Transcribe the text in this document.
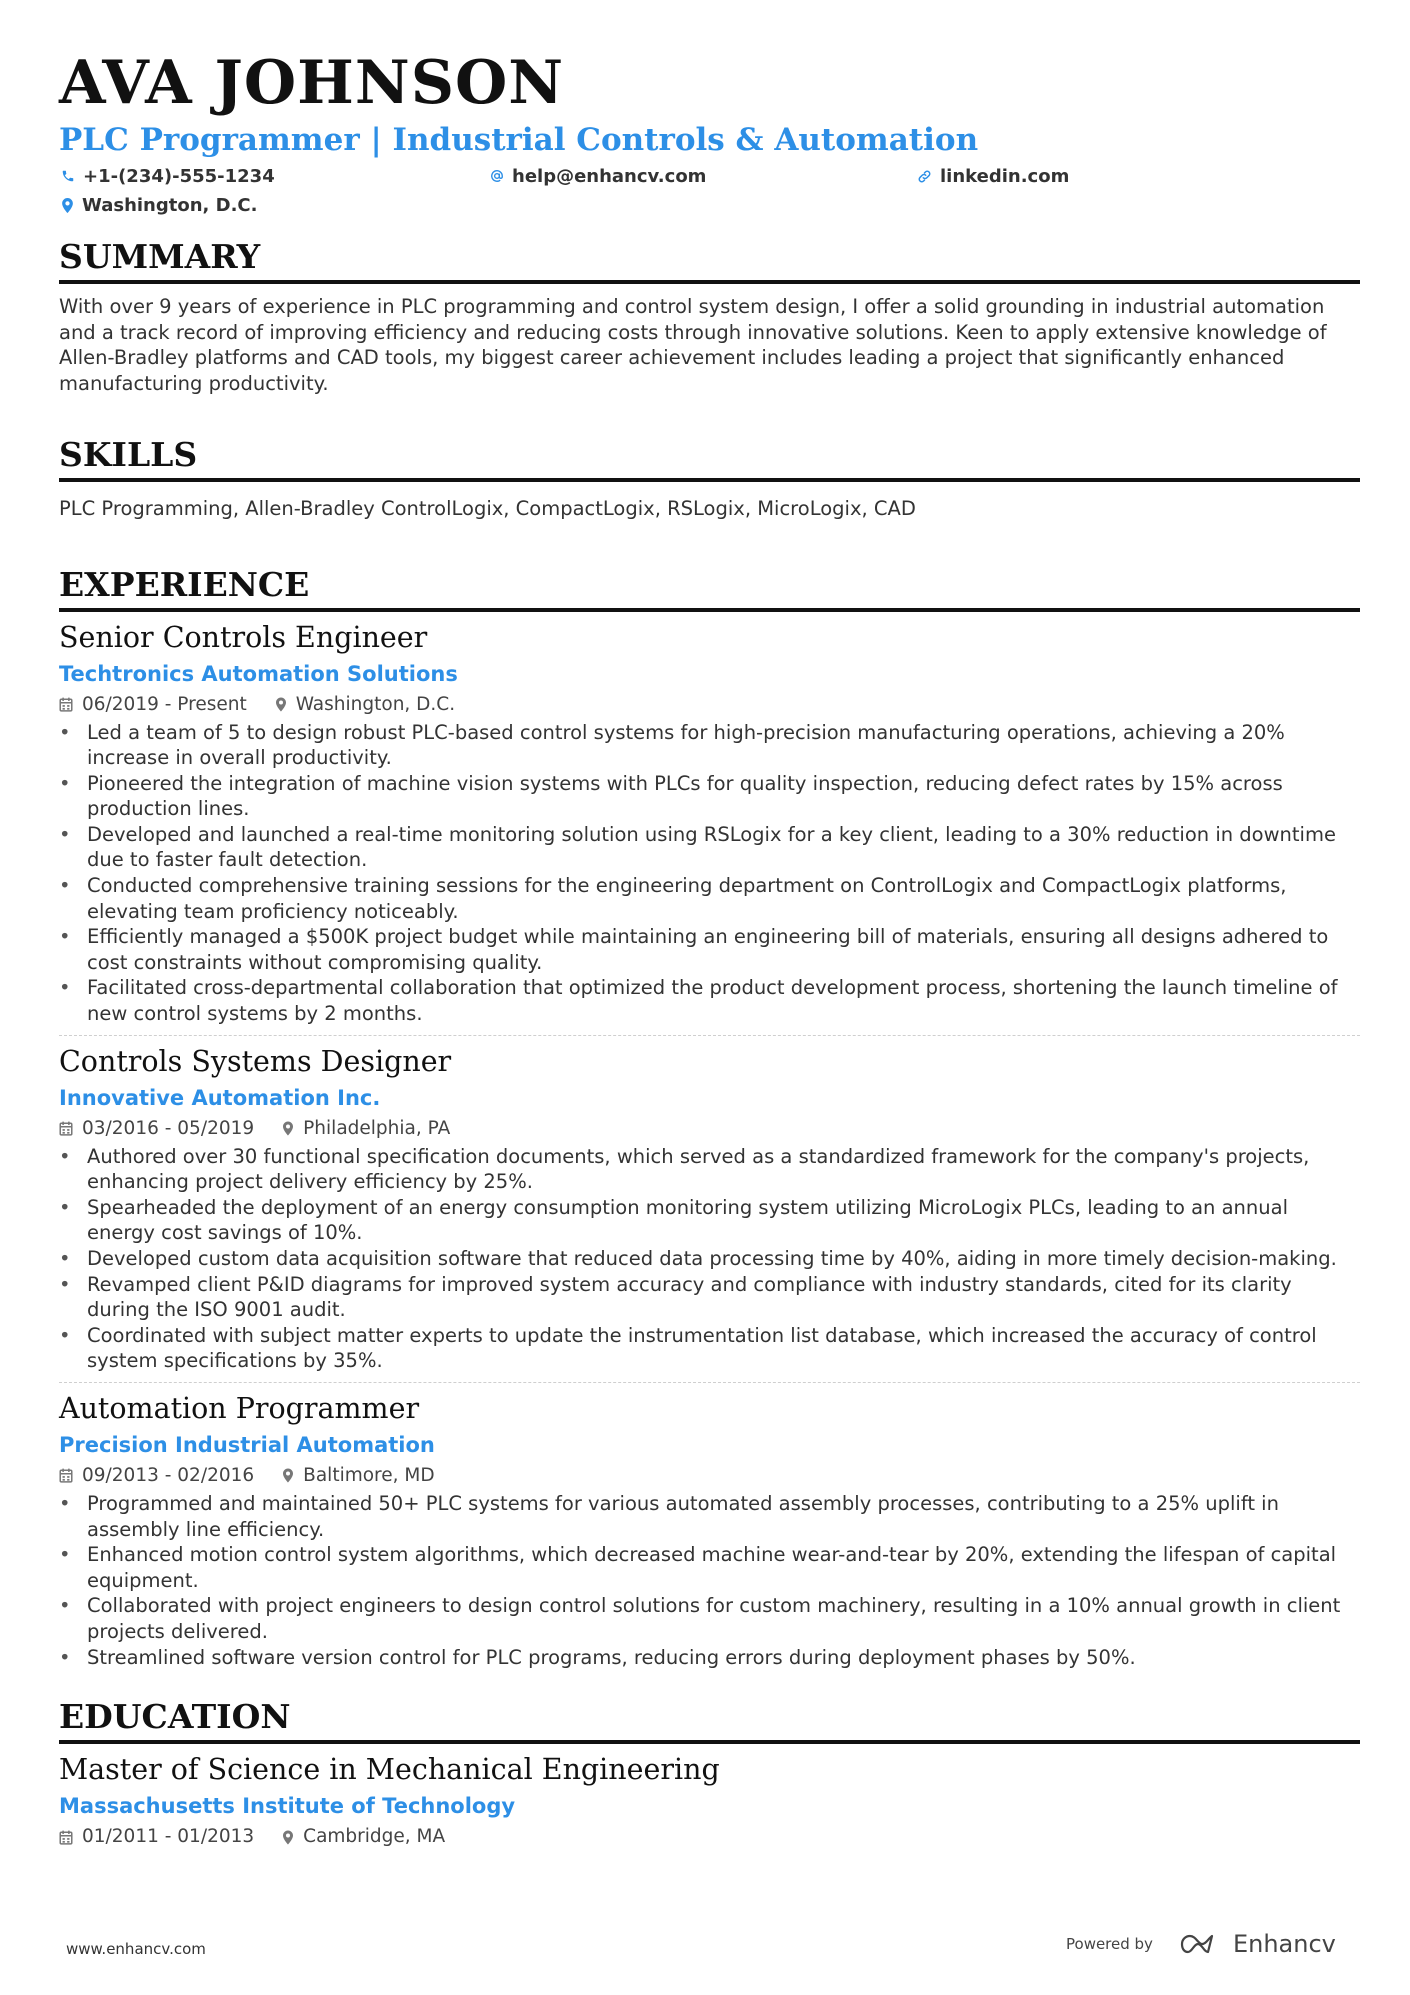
AVA JOHNSON
PLC Programmer | Industrial Controls & Automation
+1-(234)-555-1234	help@enhancv.com	linkedin.com
Washington, D.C.
SUMMARY
With over 9 years of experience in PLC programming and control system design, I offer a solid grounding in industrial automation and a track record of improving efficiency and reducing costs through innovative solutions. Keen to apply extensive knowledge of Allen-Bradley platforms and CAD tools, my biggest career achievement includes leading a project that significantly enhanced manufacturing productivity.
SKILLS
PLC Programming, Allen-Bradley ControlLogix, CompactLogix, RSLogix, MicroLogix, CAD
EXPERIENCE
Senior Controls Engineer
Techtronics Automation Solutions
06/2019 - Present	Washington, D.C.
• Led a team of 5 to design robust PLC-based control systems for high-precision manufacturing operations, achieving a 20% increase in overall productivity.
• Pioneered the integration of machine vision systems with PLCs for quality inspection, reducing defect rates by 15% across production lines.
• Developed and launched a real-time monitoring solution using RSLogix for a key client, leading to a 30% reduction in downtime due to faster fault detection.
• Conducted comprehensive training sessions for the engineering department on ControlLogix and CompactLogix platforms, elevating team proficiency noticeably.
• Efficiently managed a $500K project budget while maintaining an engineering bill of materials, ensuring all designs adhered to cost constraints without compromising quality.
• Facilitated cross-departmental collaboration that optimized the product development process, shortening the launch timeline of new control systems by 2 months.
Controls Systems Designer
Innovative Automation Inc.
03/2016 - 05/2019	Philadelphia, PA
• Authored over 30 functional specification documents, which served as a standardized framework for the company's projects, enhancing project delivery efficiency by 25%.
• Spearheaded the deployment of an energy consumption monitoring system utilizing MicroLogix PLCs, leading to an annual energy cost savings of 10%.
• Developed custom data acquisition software that reduced data processing time by 40%, aiding in more timely decision-making.
• Revamped client P&ID diagrams for improved system accuracy and compliance with industry standards, cited for its clarity during the ISO 9001 audit.
• Coordinated with subject matter experts to update the instrumentation list database, which increased the accuracy of control system specifications by 35%.
Automation Programmer
Precision Industrial Automation
09/2013 - 02/2016	Baltimore, MD
• Programmed and maintained 50+ PLC systems for various automated assembly processes, contributing to a 25% uplift in assembly line efficiency.
• Enhanced motion control system algorithms, which decreased machine wear-and-tear by 20%, extending the lifespan of capital equipment.
• Collaborated with project engineers to design control solutions for custom machinery, resulting in a 10% annual growth in client projects delivered.
• Streamlined software version control for PLC programs, reducing errors during deployment phases by 50%.
EDUCATION
Master of Science in Mechanical Engineering
Massachusetts Institute of Technology
01/2011 - 01/2013	Cambridge, MA
www.enhancv.com	Powered by	Enhancv
